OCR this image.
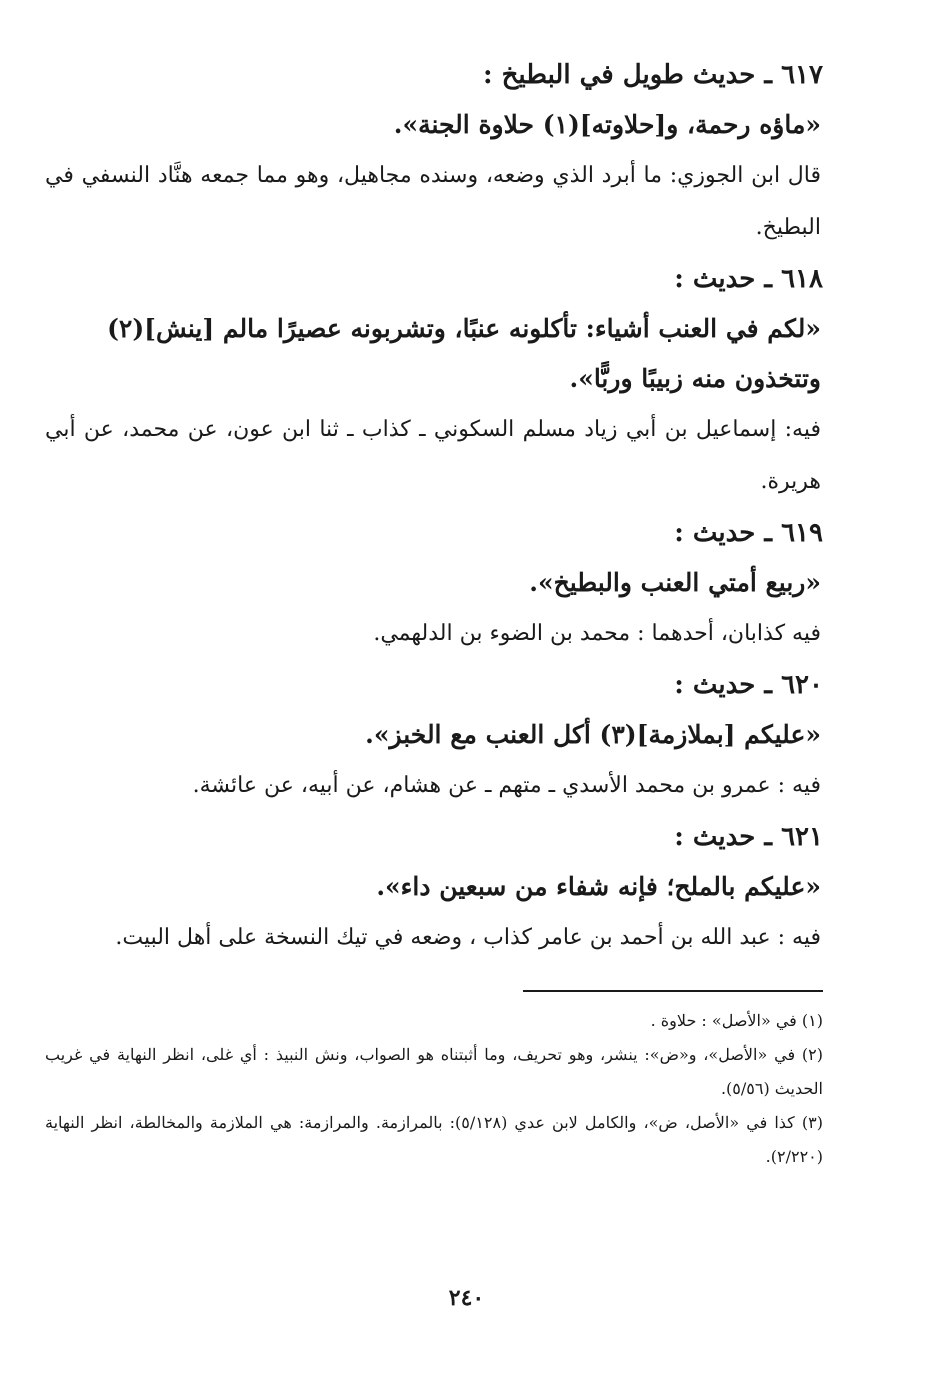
٦١٧ ـ حديث طويل في البطيخ :

«ماؤه رحمة، و[حلاوته](١) حلاوة الجنة».

قال ابن الجوزي: ما أبرد الذي وضعه، وسنده مجاهيل، وهو مما جمعه هنَّاد النسفي في البطيخ.

٦١٨ ـ حديث :

«لكم في العنب أشياء: تأكلونه عنبًا، وتشربونه عصيرًا مالم [ينش](٢) وتتخذون منه زبيبًا وربًّا».

فيه: إسماعيل بن أبي زياد مسلم السكوني ـ كذاب ـ ثنا ابن عون، عن محمد، عن أبي هريرة.

٦١٩ ـ حديث :

«ربيع أمتي العنب والبطيخ».

فيه كذابان، أحدهما : محمد بن الضوء بن الدلهمي.

٦٢٠ ـ حديث :

«عليكم [بملازمة](٣) أكل العنب مع الخبز».

فيه : عمرو بن محمد الأسدي ـ متهم ـ عن هشام، عن أبيه، عن عائشة.

٦٢١ ـ حديث :

«عليكم بالملح؛ فإنه شفاء من سبعين داء».

فيه : عبد الله بن أحمد بن عامر كذاب ، وضعه في تيك النسخة على أهل البيت.

(١) في «الأصل» : حلاوة .

(٢) في «الأصل»، و«ض»: ينشر، وهو تحريف، وما أثبتناه هو الصواب، ونش النبيذ : أي غلى، انظر النهاية في غريب الحديث (٥/٥٦).

(٣) كذا في «الأصل، ض»، والكامل لابن عدي (٥/١٢٨): بالمرازمة. والمرازمة: هي الملازمة والمخالطة، انظر النهاية (٢/٢٢٠).

٢٤٠
